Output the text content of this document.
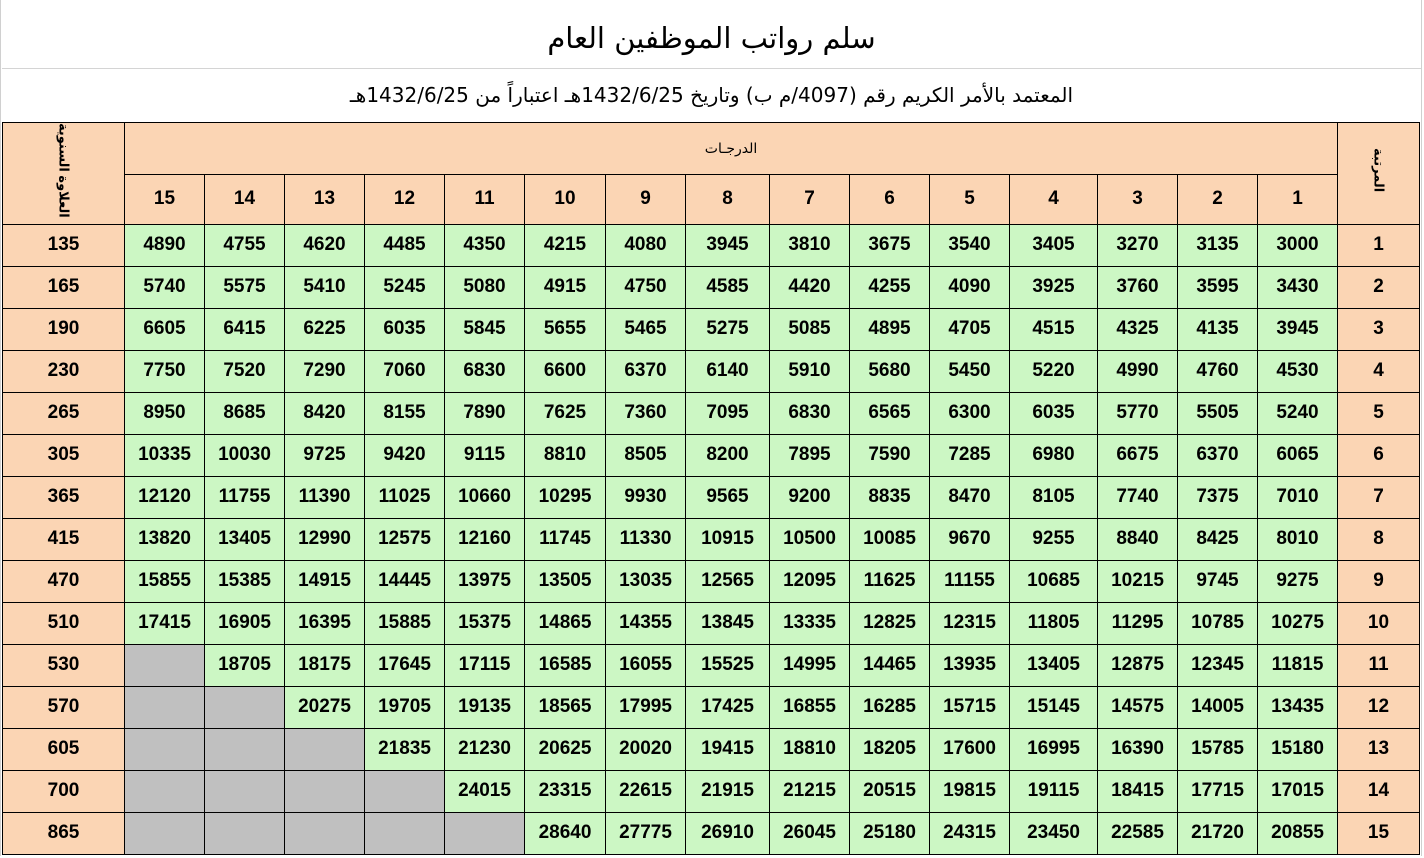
سلم رواتب الموظفين العام
المعتمد بالأمر الكريم رقم (4097/م ب) وتاريخ 1432/6/25هـ اعتباراً من 1432/6/25هـ
المرتبة	الدرجـات															العلاوة السنوية
	1	2	3	4	5	6	7	8	9	10	11	12	13	14	15	
1	3000	3135	3270	3405	3540	3675	3810	3945	4080	4215	4350	4485	4620	4755	4890	135
2	3430	3595	3760	3925	4090	4255	4420	4585	4750	4915	5080	5245	5410	5575	5740	165
3	3945	4135	4325	4515	4705	4895	5085	5275	5465	5655	5845	6035	6225	6415	6605	190
4	4530	4760	4990	5220	5450	5680	5910	6140	6370	6600	6830	7060	7290	7520	7750	230
5	5240	5505	5770	6035	6300	6565	6830	7095	7360	7625	7890	8155	8420	8685	8950	265
6	6065	6370	6675	6980	7285	7590	7895	8200	8505	8810	9115	9420	9725	10030	10335	305
7	7010	7375	7740	8105	8470	8835	9200	9565	9930	10295	10660	11025	11390	11755	12120	365
8	8010	8425	8840	9255	9670	10085	10500	10915	11330	11745	12160	12575	12990	13405	13820	415
9	9275	9745	10215	10685	11155	11625	12095	12565	13035	13505	13975	14445	14915	15385	15855	470
10	10275	10785	11295	11805	12315	12825	13335	13845	14355	14865	15375	15885	16395	16905	17415	510
11	11815	12345	12875	13405	13935	14465	14995	15525	16055	16585	17115	17645	18175	18705		530
12	13435	14005	14575	15145	15715	16285	16855	17425	17995	18565	19135	19705	20275			570
13	15180	15785	16390	16995	17600	18205	18810	19415	20020	20625	21230	21835				605
14	17015	17715	18415	19115	19815	20515	21215	21915	22615	23315	24015					700
15	20855	21720	22585	23450	24315	25180	26045	26910	27775	28640						865
